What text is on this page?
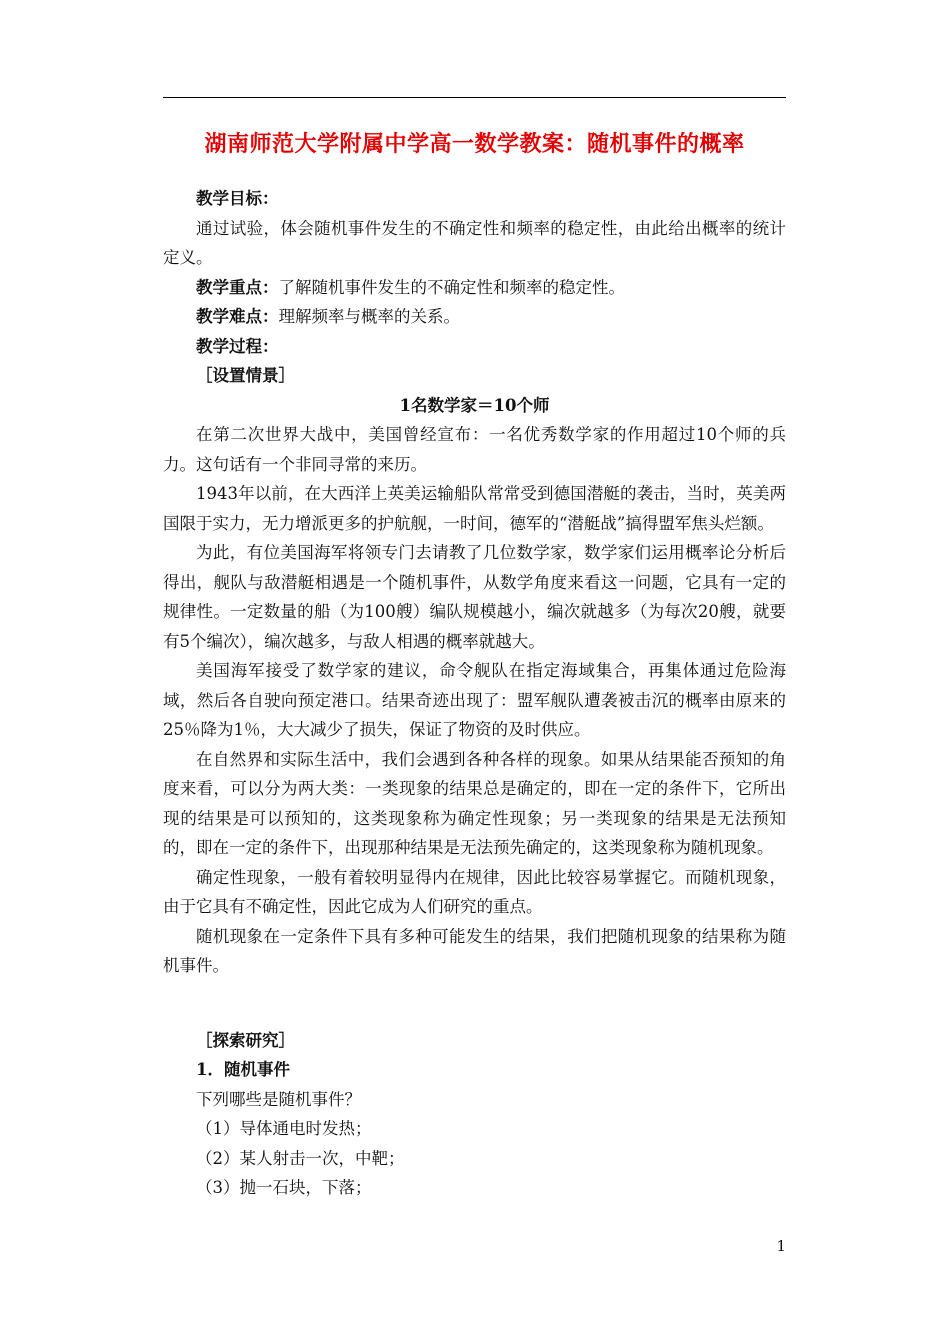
湖南师范大学附属中学高一数学教案：随机事件的概率
教学目标：

通过试验，体会随机事件发生的不确定性和频率的稳定性，由此给出概率的统计定义。

教学重点：了解随机事件发生的不确定性和频率的稳定性。
教学难点：理解频率与概率的关系。
教学过程：
［设置情景］
1名数学家＝10个师

在第二次世界大战中，美国曾经宣布：一名优秀数学家的作用超过10个师的兵力。这句话有一个非同寻常的来历。

1943年以前，在大西洋上英美运输船队常常受到德国潜艇的袭击，当时，英美两国限于实力，无力增派更多的护航舰，一时间，德军的“潜艇战”搞得盟军焦头烂额。

为此，有位美国海军将领专门去请教了几位数学家，数学家们运用概率论分析后得出，舰队与敌潜艇相遇是一个随机事件，从数学角度来看这一问题，它具有一定的规律性。一定数量的船（为100艘）编队规模越小，编次就越多（为每次20艘，就要有5个编次），编次越多，与敌人相遇的概率就越大。

美国海军接受了数学家的建议，命令舰队在指定海域集合，再集体通过危险海域，然后各自驶向预定港口。结果奇迹出现了：盟军舰队遭袭被击沉的概率由原来的25％降为1％，大大减少了损失，保证了物资的及时供应。

在自然界和实际生活中，我们会遇到各种各样的现象。如果从结果能否预知的角度来看，可以分为两大类：一类现象的结果总是确定的，即在一定的条件下，它所出现的结果是可以预知的，这类现象称为确定性现象；另一类现象的结果是无法预知的，即在一定的条件下，出现那种结果是无法预先确定的，这类现象称为随机现象。

确定性现象，一般有着较明显得内在规律，因此比较容易掌握它。而随机现象，由于它具有不确定性，因此它成为人们研究的重点。

随机现象在一定条件下具有多种可能发生的结果，我们把随机现象的结果称为随机事件。

［探索研究］
1．随机事件
下列哪些是随机事件？
（1）导体通电时发热；
（2）某人射击一次，中靶；
（3）抛一石块，下落；
1
